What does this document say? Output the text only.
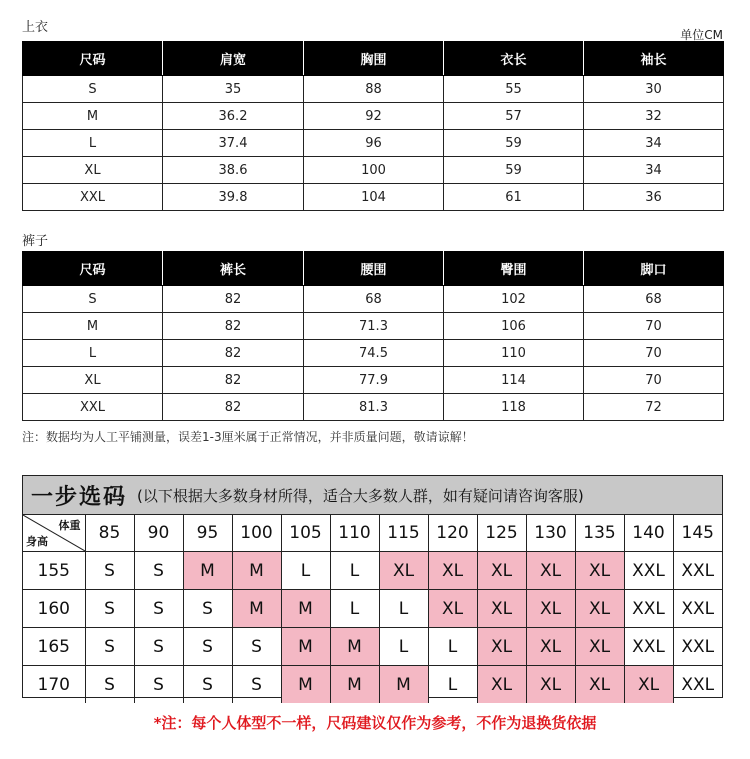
上衣	单位CM
尺码	肩宽	胸围	衣长	袖长
S	35	88	55	30
M	36.2	92	57	32
L	37.4	96	59	34
XL	38.6	100	59	34
XXL	39.8	104	61	36
裤子
尺码	裤长	腰围	臀围	脚口
S	82	68	102	68
M	82	71.3	106	70
L	82	74.5	110	70
XL	82	77.9	114	70
XXL	82	81.3	118	72
注：数据均为人工平铺测量，误差1-3厘米属于正常情况，并非质量问题，敬请谅解！
一步选码 (以下根据大多数身材所得，适合大多数人群，如有疑问请咨询客服)
体重
身高	85	90	95	100	105	110	115	120	125	130	135	140	145
155	S	S	M	M	L	L	XL	XL	XL	XL	XL	XXL	XXL
160	S	S	S	M	M	L	L	XL	XL	XL	XL	XXL	XXL
165	S	S	S	S	M	M	L	L	XL	XL	XL	XXL	XXL
170	S	S	S	S	M	M	M	L	XL	XL	XL	XL	XXL
*注：每个人体型不一样，尺码建议仅作为参考，不作为退换货依据
